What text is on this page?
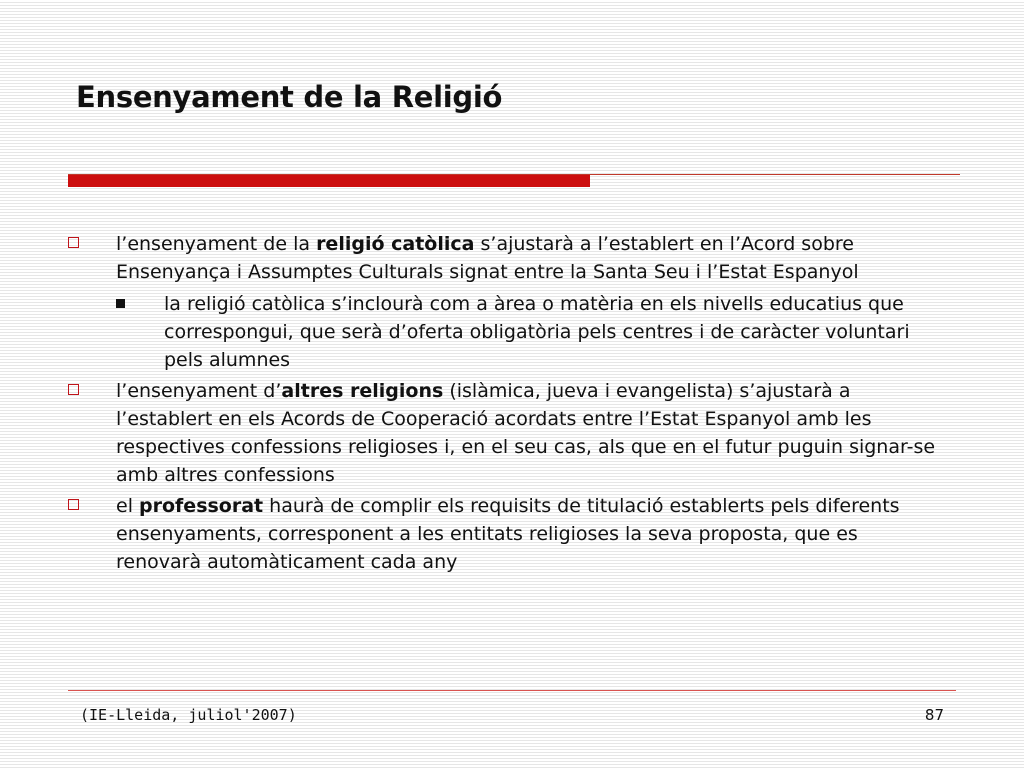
Ensenyament de la Religió
l’ensenyament de la religió catòlica s’ajustarà a l’establert en l’Acord sobre Ensenyança i Assumptes Culturals signat entre la Santa Seu i l’Estat Espanyol
la religió catòlica s’inclourà com a àrea o matèria en els nivells educatius que correspongui, que serà d’oferta obligatòria pels centres i de caràcter voluntari pels alumnes
l’ensenyament d’altres religions (islàmica, jueva i evangelista) s’ajustarà a l’establert en els Acords de Cooperació acordats entre l’Estat Espanyol amb les respectives confessions religioses i, en el seu cas, als que en el futur puguin signar-se amb altres confessions
el professorat haurà de complir els requisits de titulació establerts pels diferents ensenyaments, corresponent a les entitats religioses la seva proposta, que es renovarà automàticament cada any
(IE-Lleida, juliol'2007)	87
